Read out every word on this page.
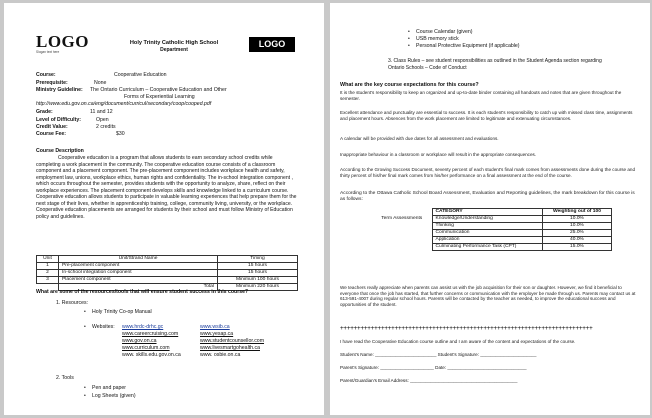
LOGO
Slogan text here
Holy Trinity Catholic High School
Department
LOGO
Course:	Cooperative Education
Prerequisite:	None
Ministry Guideline: The Ontario Curriculum – Cooperative Education and Other
Forms of Experiential Learning
http://www.edu.gov.on.ca/eng/document/curricul/secondary/coop/cooped.pdf
Grade:	11 and 12
Level of Difficulty:	Open
Credit Value:	2 credits
Course Fee:	$30
Course Description
Cooperative education is a program that allows students to earn secondary school credits while completing a work placement in the community. The cooperative education course consists of a classroom component and a placement component. The pre-placement component includes workplace health and safety, employment law, unions, workplace ethics, human rights and confidentiality. The in-school integration component , which occurs throughout the semester, provides students with the opportunity to analyze, share, reflect on their workplace experiences. The placement component develops skills and knowledge linked to a curriculum course. Cooperative education allows students to participate in valuable learning experiences that help prepare them for the next stage of their lives, whether in apprenticeship training, college, community living, university, or the workplace. Cooperative education placements are arranged for students by their school and must follow Ministry of Education policy and guidelines.
Unit	Unit/Strand Name	Timing
1	Pre-placement component	15 hours
2	In-school integration component	15 hours
3	Placement component	Minimum 100 hours
	Total	Minimum 220 hours
What are some of the resources/tools that will ensure student success in this course?
1. Resources:
• Holy Trinity Co-op Manual
• Websites: www.hrdc-drhc.gc	www.wsib.ca
www.careercruising.com	www.yesap.ca
www.gov.on.ca	www.studentcounsellor.com
www.curriculum.com	www.livesmartgohealth.ca
www. skills.edu.gov.on.ca	www. osbie.on.ca
2. Tools
• Pen and paper
• Log Sheets (given)
• Course Calendar (given)
• USB memory stick
• Personal Protective Equipment (if applicable)
3. Class Rules – see student responsibilities as outlined in the Student Agenda section regarding Ontario Schools – Code of Conduct
What are the key course expectations for this course?
It is the student's responsibility to keep an organized and up-to-date binder containing all handouts and notes that are given throughout the semester.
Excellent attendance and punctuality are essential to success. It is each student's responsibility to catch up with missed class time, assignments and placement hours. Absences from the work placement are limited to legitimate and extenuating circumstances.
A calendar will be provided with due dates for all assessment and evaluations.
Inappropriate behaviour in a classroom or workplace will result in the appropriate consequences.
According to the Growing Success Document, seventy percent of each student's final mark comes from assessments done during the course and thirty percent of his/her final mark comes from his/her performance on a final assessment at the end of the course.
According to the Ottawa Catholic School Board Assessment, Evaluation and Reporting guidelines, the mark breakdown for this course is as follows:
	CATEGORY	Weighting out of 100
Term Assessments	Knowledge/Understanding	10.0%
	Thinking	10.0%
	Communication	25.0%
	Application	40.0%
	Culminating Performance Task (CPT)	15.0%
We teachers really appreciate when parents can assist us with the job acquisition for their son or daughter. However, we find it beneficial to everyone that once the job has started, that further concerns or communication with the employer be made through us. Parents may contact us at 613-591-4007 during regular school hours. Parents will be contacted by the teacher as needed, to improve the educational success and opportunities of the student.
++++++++++++++++++++++++++++++++++++++++++++++++++++++++++++++++++++++++++
I have read the Cooperative Education course outline and I am aware of the content and expectations of the course.
Student's Name: ________________________ Student's Signature: ______________________
Parent's Signature: _____________________ Date: _______________________________
Parent/Guardian's Email Address: __________________________________________
